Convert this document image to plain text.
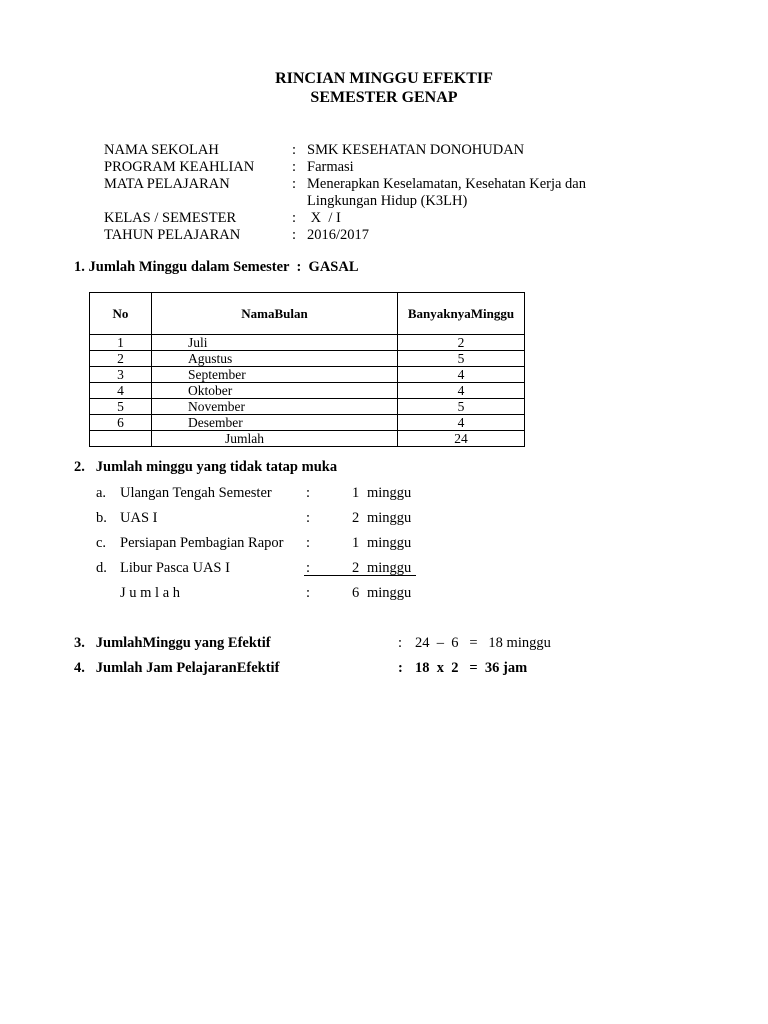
RINCIAN MINGGU EFEKTIF
SEMESTER GENAP
NAMA SEKOLAH	: SMK KESEHATAN DONOHUDAN
PROGRAM KEAHLIAN	: Farmasi
MATA PELAJARAN	: Menerapkan Keselamatan, Kesehatan Kerja dan
Lingkungan Hidup (K3LH)
KELAS / SEMESTER	: X  / I
TAHUN PELAJARAN	: 2016/2017
1. Jumlah Minggu dalam Semester  :  GASAL
No	NamaBulan	BanyaknyaMinggu
1	Juli	2
2	Agustus	5
3	September	4
4	Oktober	4
5	November	5
6	Desember	4
	Jumlah	24
2.   Jumlah minggu yang tidak tatap muka
a. Ulangan Tengah Semester :	1 minggu
b. UAS I	:	2 minggu
c. Persiapan Pembagian Rapor :	1 minggu
d. Libur Pasca UAS I	:	2 minggu
J u m l a h	:	6 minggu
3.   JumlahMinggu yang Efektif	: 24  –  6   =   18 minggu
4.   Jumlah Jam PelajaranEfektif	: 18  x  2   =  36 jam
